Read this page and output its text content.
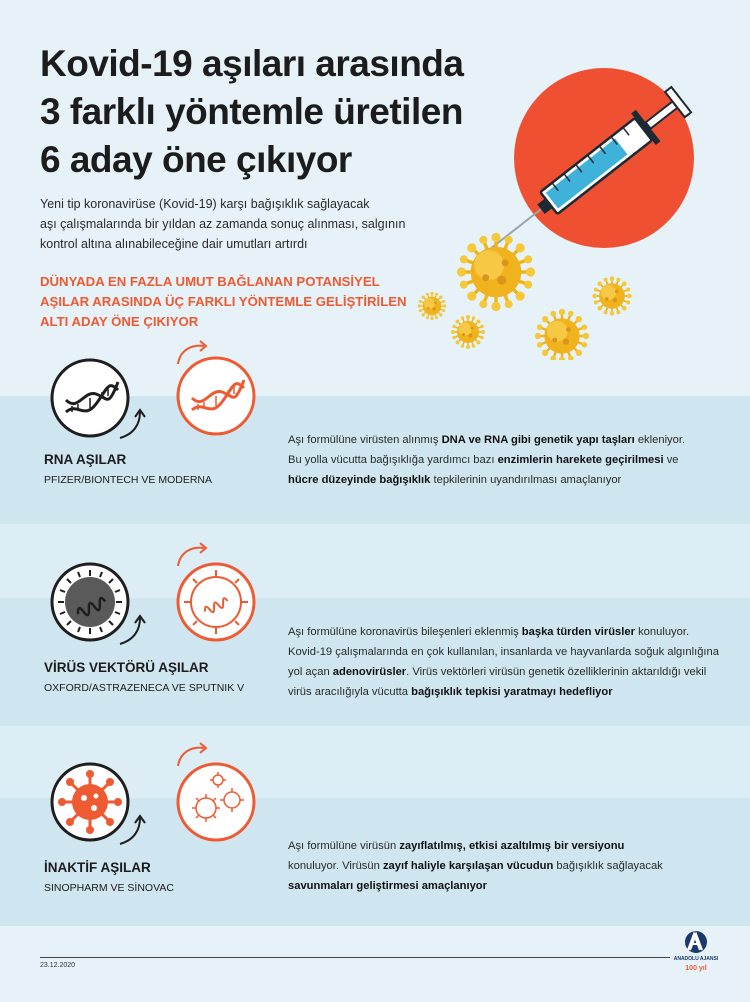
Kovid-19 aşıları arasında
3 farklı yöntemle üretilen
6 aday öne çıkıyor
Yeni tip koronavirüse (Kovid-19) karşı bağışıklık sağlayacak
aşı çalışmalarında bir yıldan az zamanda sonuç alınması, salgının
kontrol altına alınabileceğine dair umutları artırdı
DÜNYADA EN FAZLA UMUT BAĞLANAN POTANSİYEL
AŞILAR ARASINDA ÜÇ FARKLI YÖNTEMLE GELİŞTİRİLEN
ALTI ADAY ÖNE ÇIKIYOR
RNA AŞILAR
PFIZER/BIONTECH VE MODERNA
Aşı formülüne virüsten alınmış DNA ve RNA gibi genetik yapı taşları ekleniyor.
Bu yolla vücutta bağışıklığa yardımcı bazı enzimlerin harekete geçirilmesi ve
hücre düzeyinde bağışıklık tepkilerinin uyandırılması amaçlanıyor
VİRÜS VEKTÖRÜ AŞILAR
OXFORD/ASTRAZENECA VE SPUTNIK V
Aşı formülüne koronavirüs bileşenleri eklenmiş başka türden virüsler konuluyor.
Kovid-19 çalışmalarında en çok kullanılan, insanlarda ve hayvanlarda soğuk algınlığına
yol açan adenovirüsler. Virüs vektörleri virüsün genetik özelliklerinin aktarıldığı vekil
virüs aracılığıyla vücutta bağışıklık tepkisi yaratmayı hedefliyor
İNAKTİF AŞILAR
SINOPHARM VE SİNOVAC
Aşı formülüne virüsün zayıflatılmış, etkisi azaltılmış bir versiyonu
konuluyor. Virüsün zayıf haliyle karşılaşan vücudun bağışıklık sağlayacak
savunmaları geliştirmesi amaçlanıyor
23.12.2020
ANADOLU AJANSI
100 yıl
